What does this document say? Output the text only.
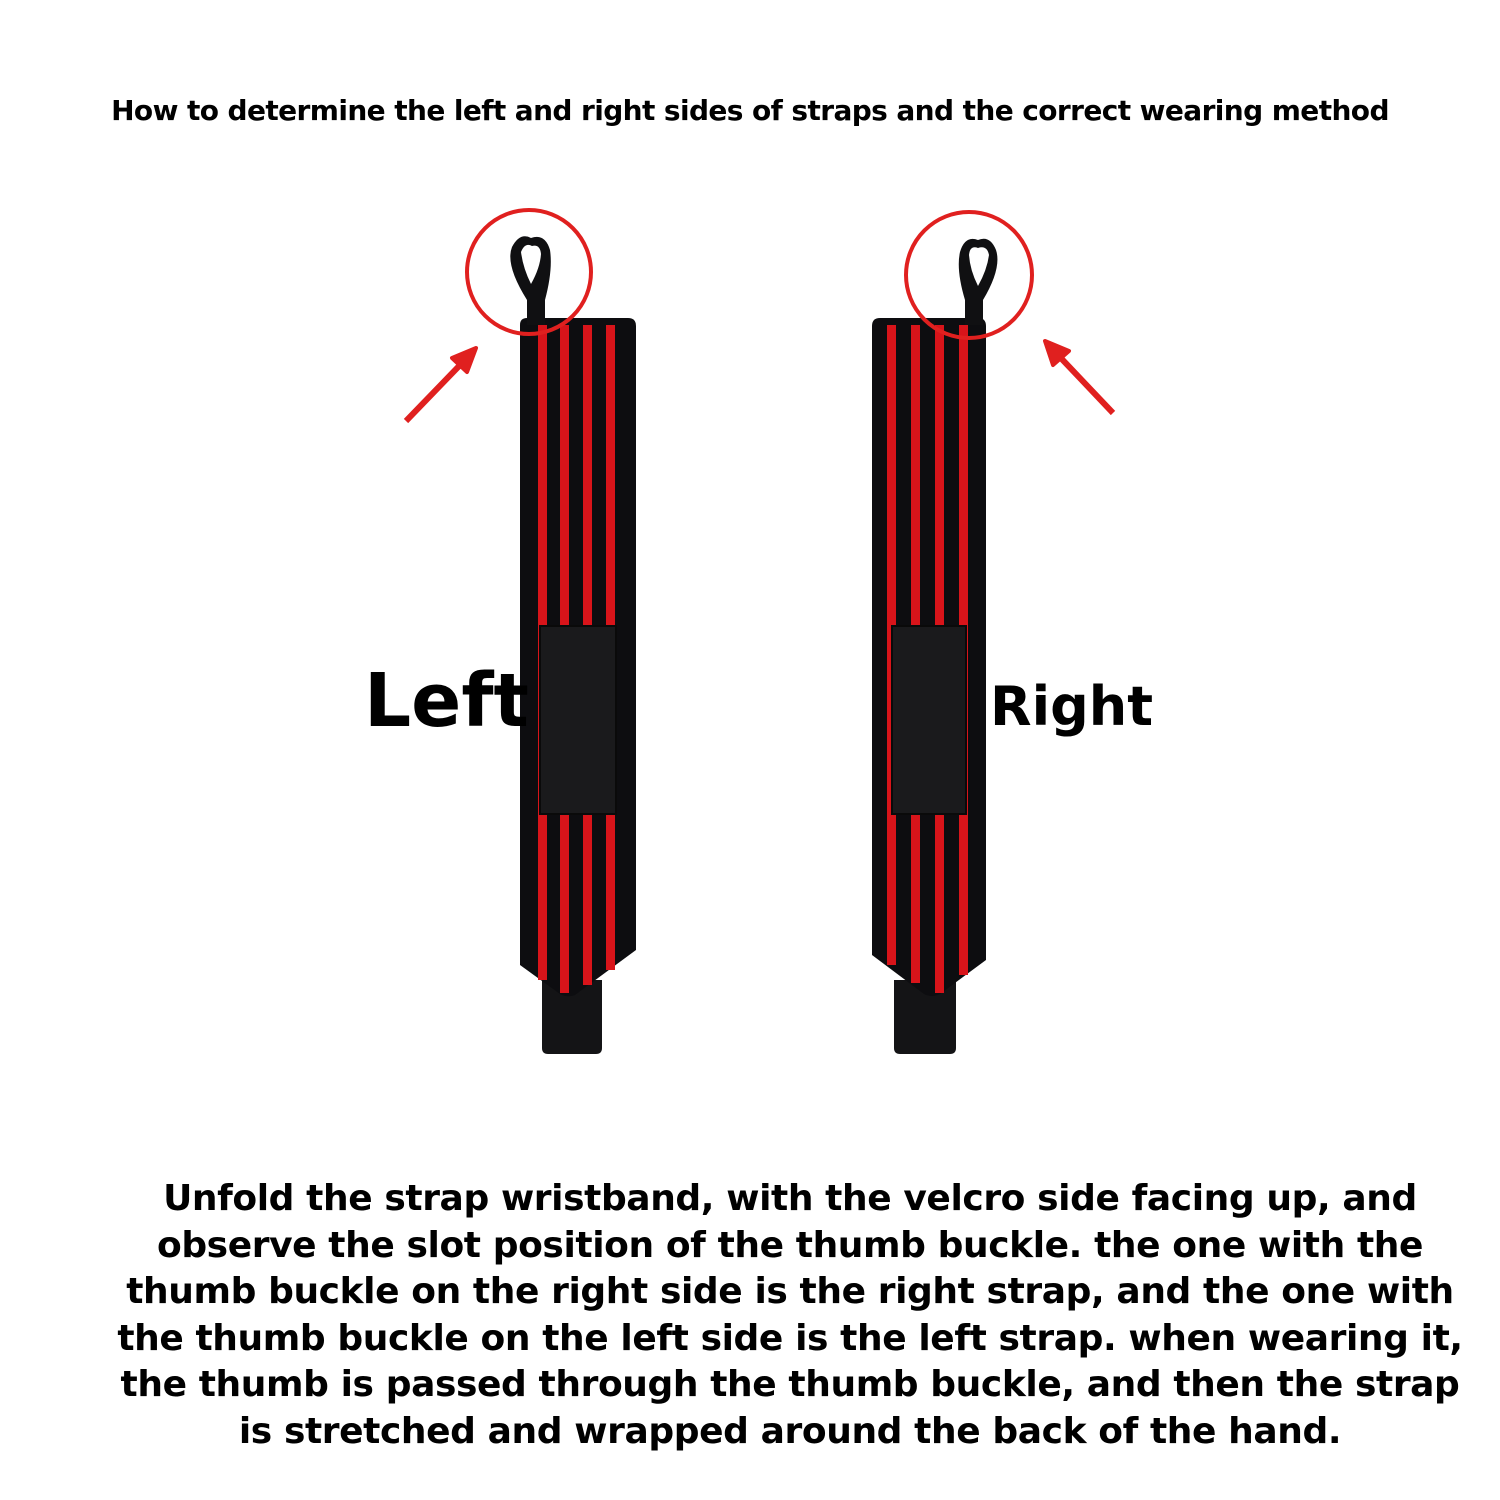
How to determine the left and right sides of straps and the correct wearing method
Left	Right
Unfold the strap wristband, with the velcro side facing up, and observe the slot position of the thumb buckle. the one with the thumb buckle on the right side is the right strap, and the one with the thumb buckle on the left side is the left strap. when wearing it, the thumb is passed through the thumb buckle, and then the strap is stretched and wrapped around the back of the hand.
